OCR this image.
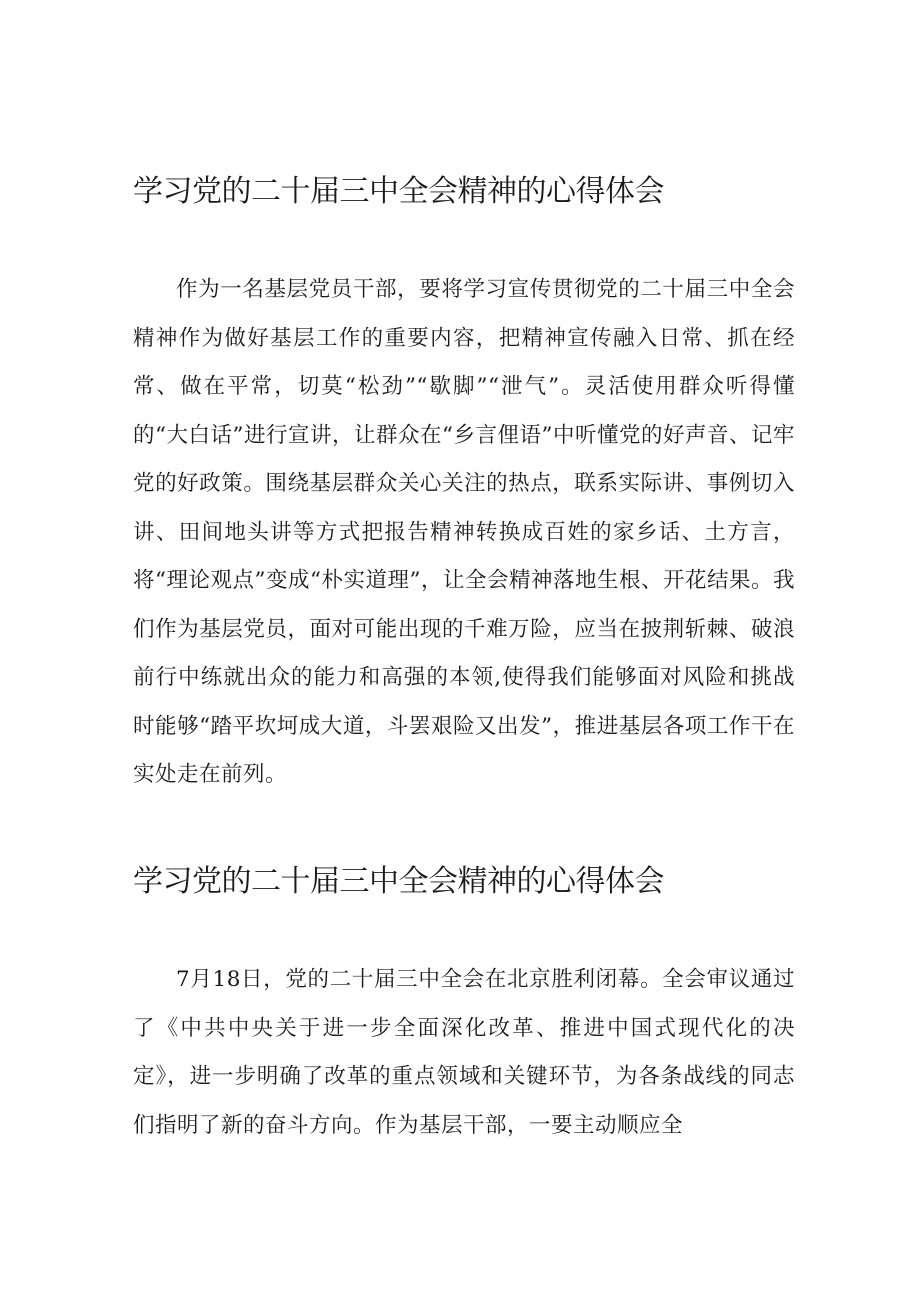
学习党的二十届三中全会精神的心得体会

作为一名基层党员干部，要将学习宣传贯彻党的二十届三中全会精神作为做好基层工作的重要内容，把精神宣传融入日常、抓在经常、做在平常，切莫“松劲”“歇脚”“泄气”。灵活使用群众听得懂的“大白话”进行宣讲，让群众在“乡言俚语”中听懂党的好声音、记牢党的好政策。围绕基层群众关心关注的热点，联系实际讲、事例切入讲、田间地头讲等方式把报告精神转换成百姓的家乡话、土方言，将“理论观点”变成“朴实道理”，让全会精神落地生根、开花结果。我们作为基层党员，面对可能出现的千难万险，应当在披荆斩棘、破浪前行中练就出众的能力和高强的本领,使得我们能够面对风险和挑战时能够“踏平坎坷成大道，斗罢艰险又出发”，推进基层各项工作干在实处走在前列。

学习党的二十届三中全会精神的心得体会

7月18日，党的二十届三中全会在北京胜利闭幕。全会审议通过了《中共中央关于进一步全面深化改革、推进中国式现代化的决定》，进一步明确了改革的重点领域和关键环节，为各条战线的同志们指明了新的奋斗方向。作为基层干部，一要主动顺应全
